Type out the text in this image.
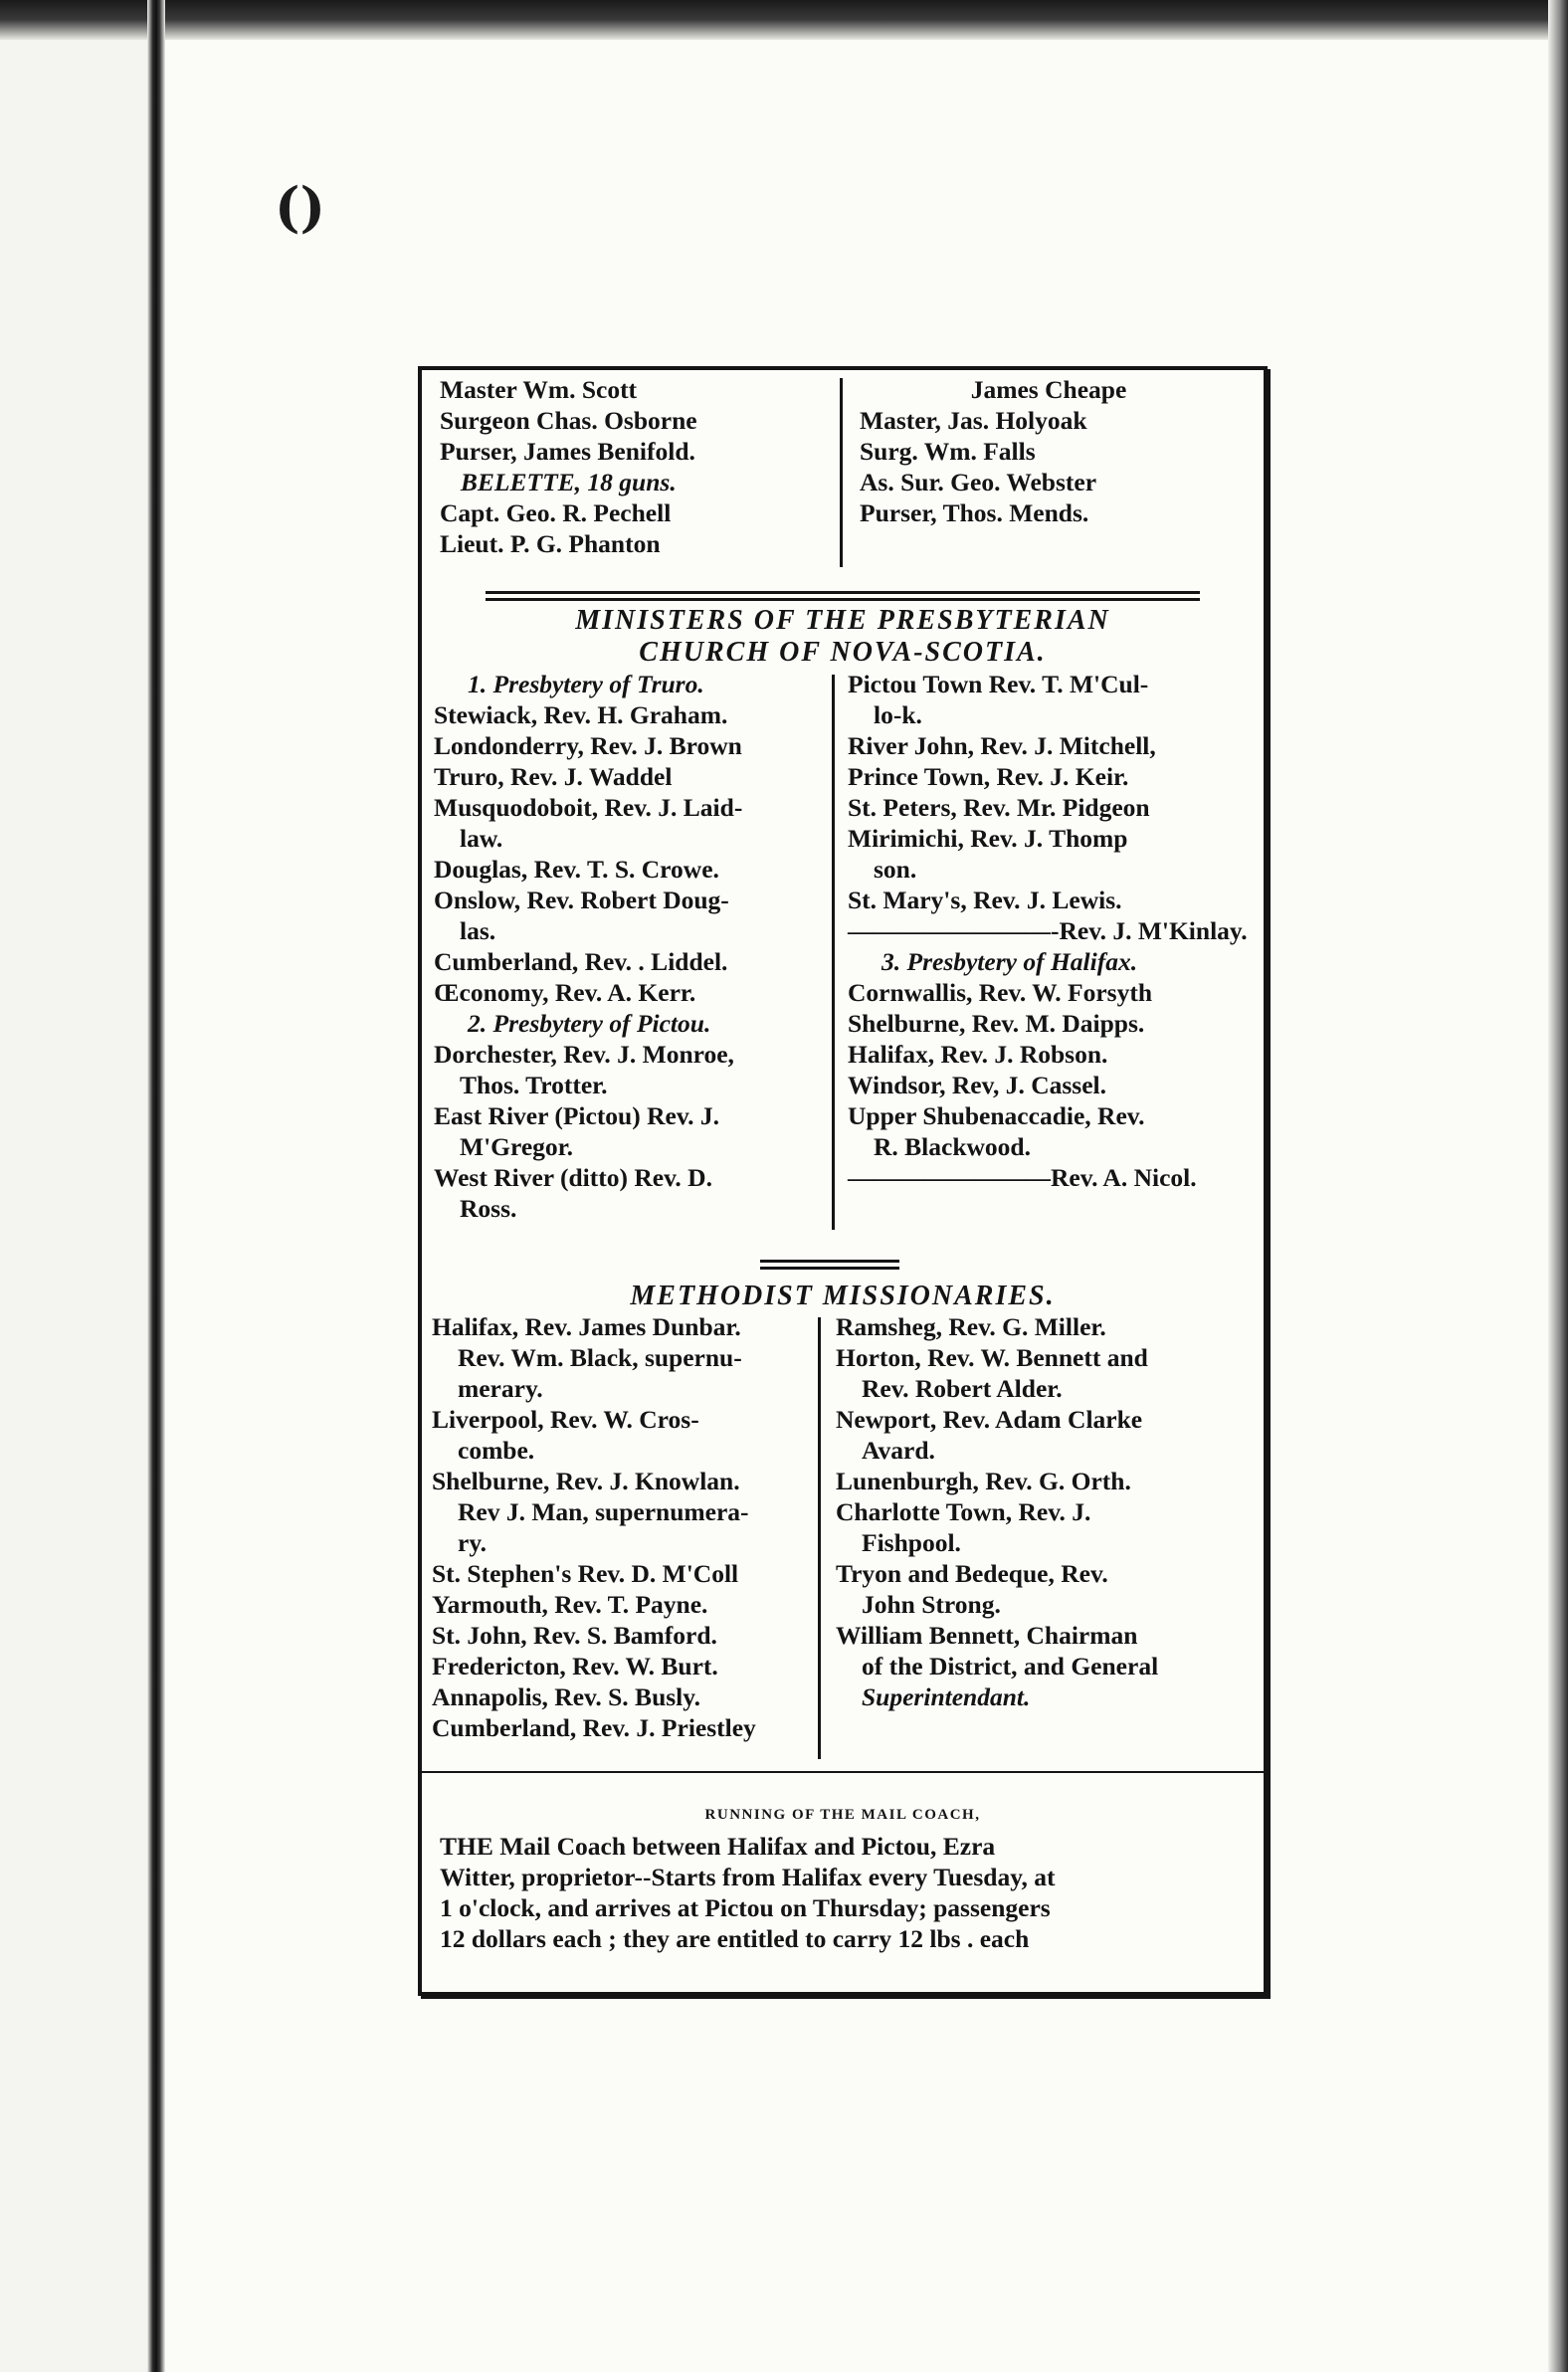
()
Master Wm. Scott
Surgeon Chas. Osborne
Purser, James Benifold.
BELETTE, 18 guns.
Capt. Geo. R. Pechell
Lieut. P. G. Phanton
James Cheape
Master, Jas. Holyoak
Surg. Wm. Falls
As. Sur. Geo. Webster
Purser, Thos. Mends.
MINISTERS OF THE PRESBYTERIAN
CHURCH OF NOVA-SCOTIA.
1. Presbytery of Truro.
Stewiack, Rev. H. Graham.
Londonderry, Rev. J. Brown
Truro, Rev. J. Waddel
Musquodoboit, Rev. J. Laid-
law.
Douglas, Rev. T. S. Crowe.
Onslow, Rev. Robert Doug-
las.
Cumberland, Rev. . Liddel.
Œconomy, Rev. A. Kerr.
2. Presbytery of Pictou.
Dorchester, Rev. J. Monroe,
Thos. Trotter.
East River (Pictou) Rev. J.
M'Gregor.
West River (ditto) Rev. D.
Ross.
Pictou Town Rev. T. M'Cul-
lo-k.
River John, Rev. J. Mitchell,
Prince Town, Rev. J. Keir.
St. Peters, Rev. Mr. Pidgeon
Mirimichi, Rev. J. Thomp
son.
St. Mary's, Rev. J. Lewis.
————————-Rev. J. M'Kinlay.
3. Presbytery of Halifax.
Cornwallis, Rev. W. Forsyth
Shelburne, Rev. M. Daipps.
Halifax, Rev. J. Robson.
Windsor, Rev, J. Cassel.
Upper Shubenaccadie, Rev.
R. Blackwood.
————————Rev. A. Nicol.
METHODIST MISSIONARIES.
Halifax, Rev. James Dunbar.
Rev. Wm. Black, supernu-
merary.
Liverpool, Rev. W. Cros-
combe.
Shelburne, Rev. J. Knowlan.
Rev J. Man, supernumera-
ry.
St. Stephen's Rev. D. M'Coll
Yarmouth, Rev. T. Payne.
St. John, Rev. S. Bamford.
Fredericton, Rev. W. Burt.
Annapolis, Rev. S. Busly.
Cumberland, Rev. J. Priestley
Ramsheg, Rev. G. Miller.
Horton, Rev. W. Bennett and
Rev. Robert Alder.
Newport, Rev. Adam Clarke
Avard.
Lunenburgh, Rev. G. Orth.
Charlotte Town, Rev. J.
Fishpool.
Tryon and Bedeque, Rev.
John Strong.
William Bennett, Chairman
of the District, and General
Superintendant.
RUNNING OF THE MAIL COACH,
THE Mail Coach between Halifax and Pictou, Ezra
Witter, proprietor--Starts from Halifax every Tuesday, at
1 o'clock, and arrives at Pictou on Thursday; passengers
12 dollars each ; they are entitled to carry 12 lbs . each
